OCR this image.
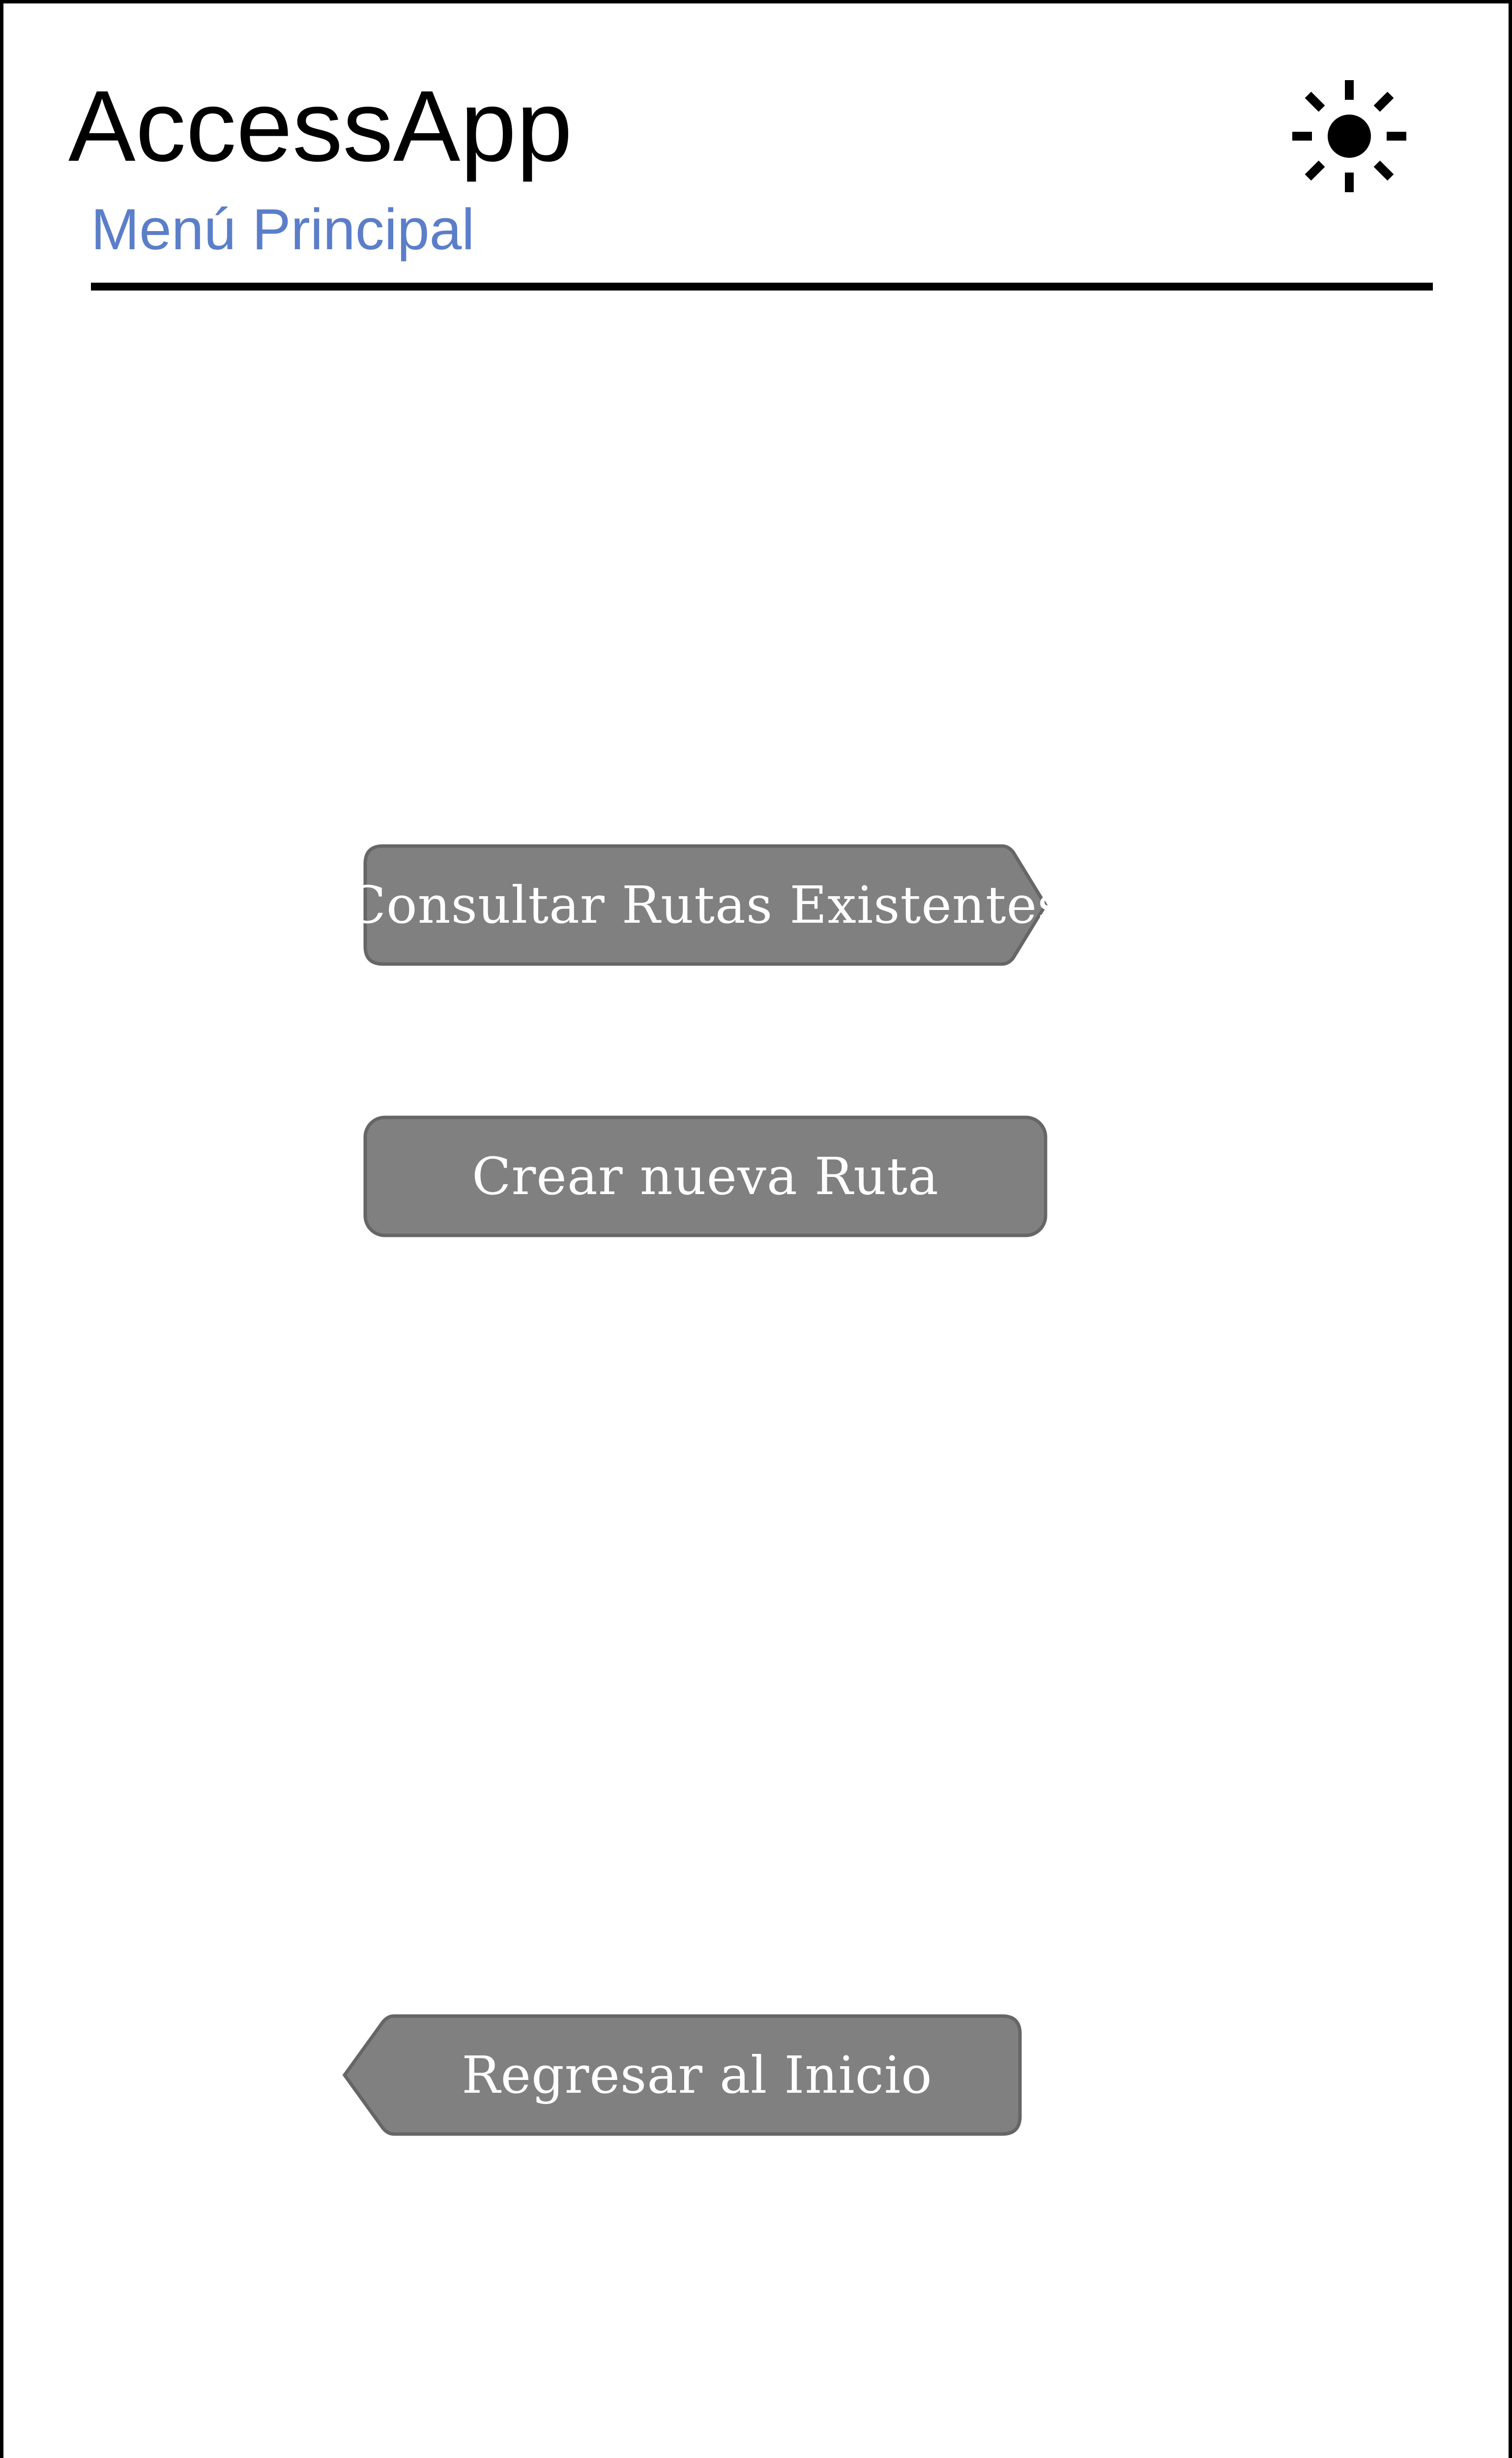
AccessApp
Menú Principal
Consultar Rutas Existentes
Crear nueva Ruta
Regresar al Inicio
